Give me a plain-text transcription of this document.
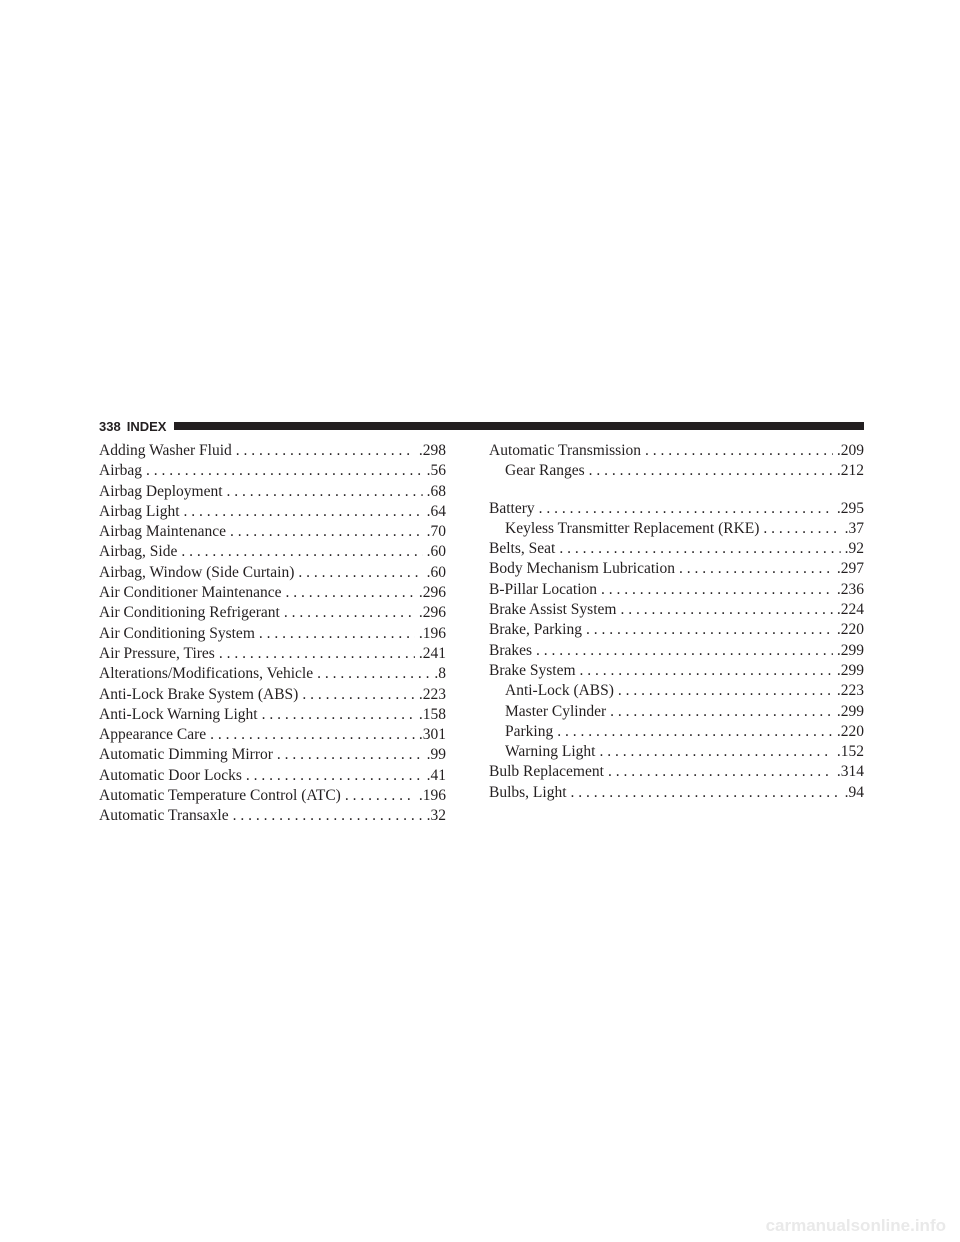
338 INDEX
Adding Washer Fluid . . .	.298
Airbag . . .	.56
Airbag Deployment . . .	.68
Airbag Light . . .	.64
Airbag Maintenance . . .	.70
Airbag, Side . . .	.60
Airbag, Window (Side Curtain) . . .	.60
Air Conditioner Maintenance . . .	.296
Air Conditioning Refrigerant . . .	.296
Air Conditioning System . . .	.196
Air Pressure, Tires . . .	.241
Alterations/Modifications, Vehicle . . .	.8
Anti-Lock Brake System (ABS) . . .	.223
Anti-Lock Warning Light . . .	.158
Appearance Care . . .	.301
Automatic Dimming Mirror . . .	.99
Automatic Door Locks . . .	.41
Automatic Temperature Control (ATC) . . .	.196
Automatic Transaxle . . .	.32
Automatic Transmission . . .	.209
Gear Ranges . . .	.212
Battery . . .	.295
Keyless Transmitter Replacement (RKE) . . .	.37
Belts, Seat . . .	.92
Body Mechanism Lubrication . . .	.297
B-Pillar Location . . .	.236
Brake Assist System . . .	.224
Brake, Parking . . .	.220
Brakes . . .	.299
Brake System . . .	.299
Anti-Lock (ABS) . . .	.223
Master Cylinder . . .	.299
Parking . . .	.220
Warning Light . . .	.152
Bulb Replacement . . .	.314
Bulbs, Light . . .	.94
carmanualsonline.info
